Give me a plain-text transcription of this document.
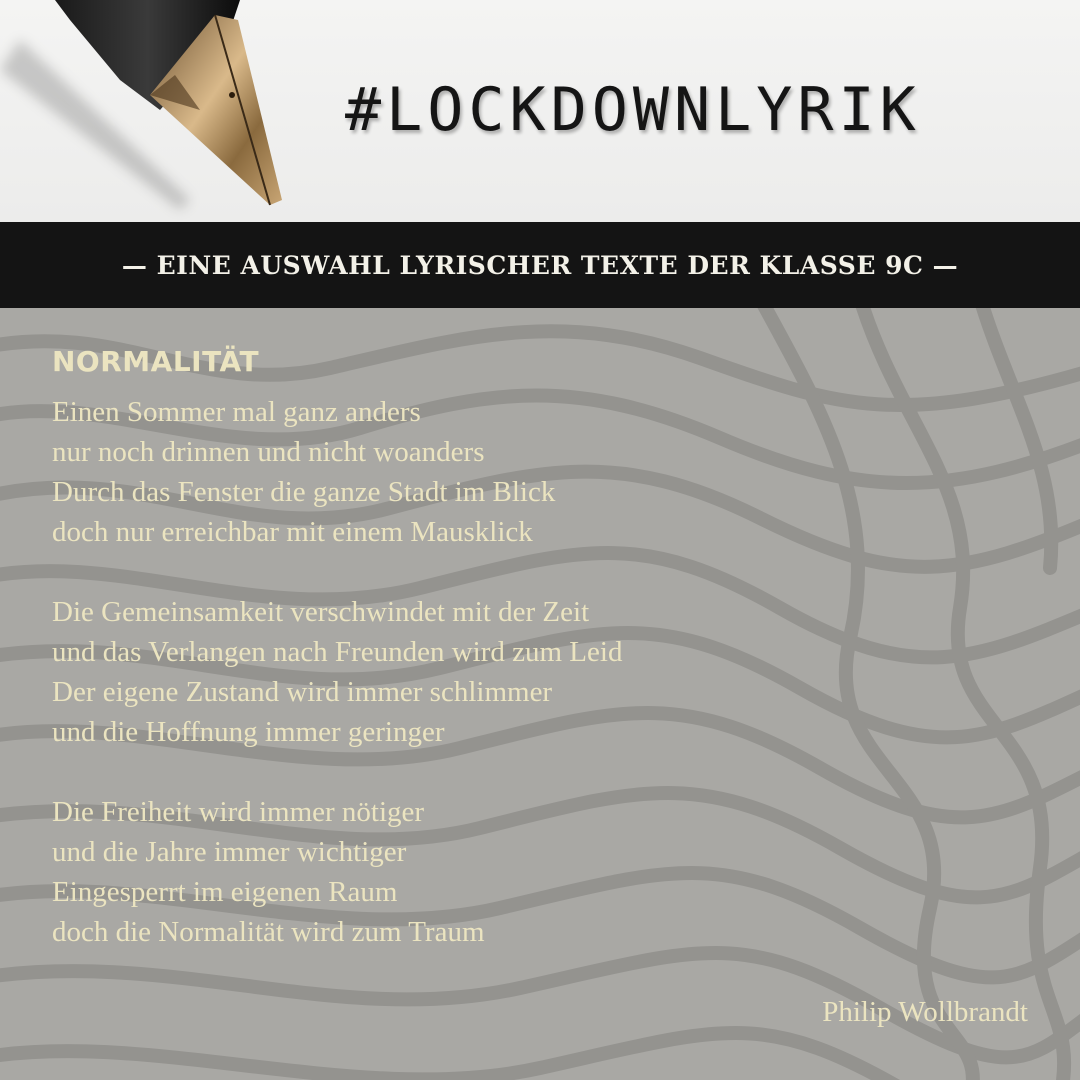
#LOCKDOWNLYRIK
— EINE AUSWAHL LYRISCHER TEXTE DER KLASSE 9C —
NORMALITÄT
Einen Sommer mal ganz anders
nur noch drinnen und nicht woanders
Durch das Fenster die ganze Stadt im Blick
doch nur erreichbar mit einem Mausklick
Die Gemeinsamkeit verschwindet mit der Zeit
und das Verlangen nach Freunden wird zum Leid
Der eigene Zustand wird immer schlimmer
und die Hoffnung immer geringer
Die Freiheit wird immer nötiger
und die Jahre immer wichtiger
Eingesperrt im eigenen Raum
doch die Normalität wird zum Traum
Philip Wollbrandt
